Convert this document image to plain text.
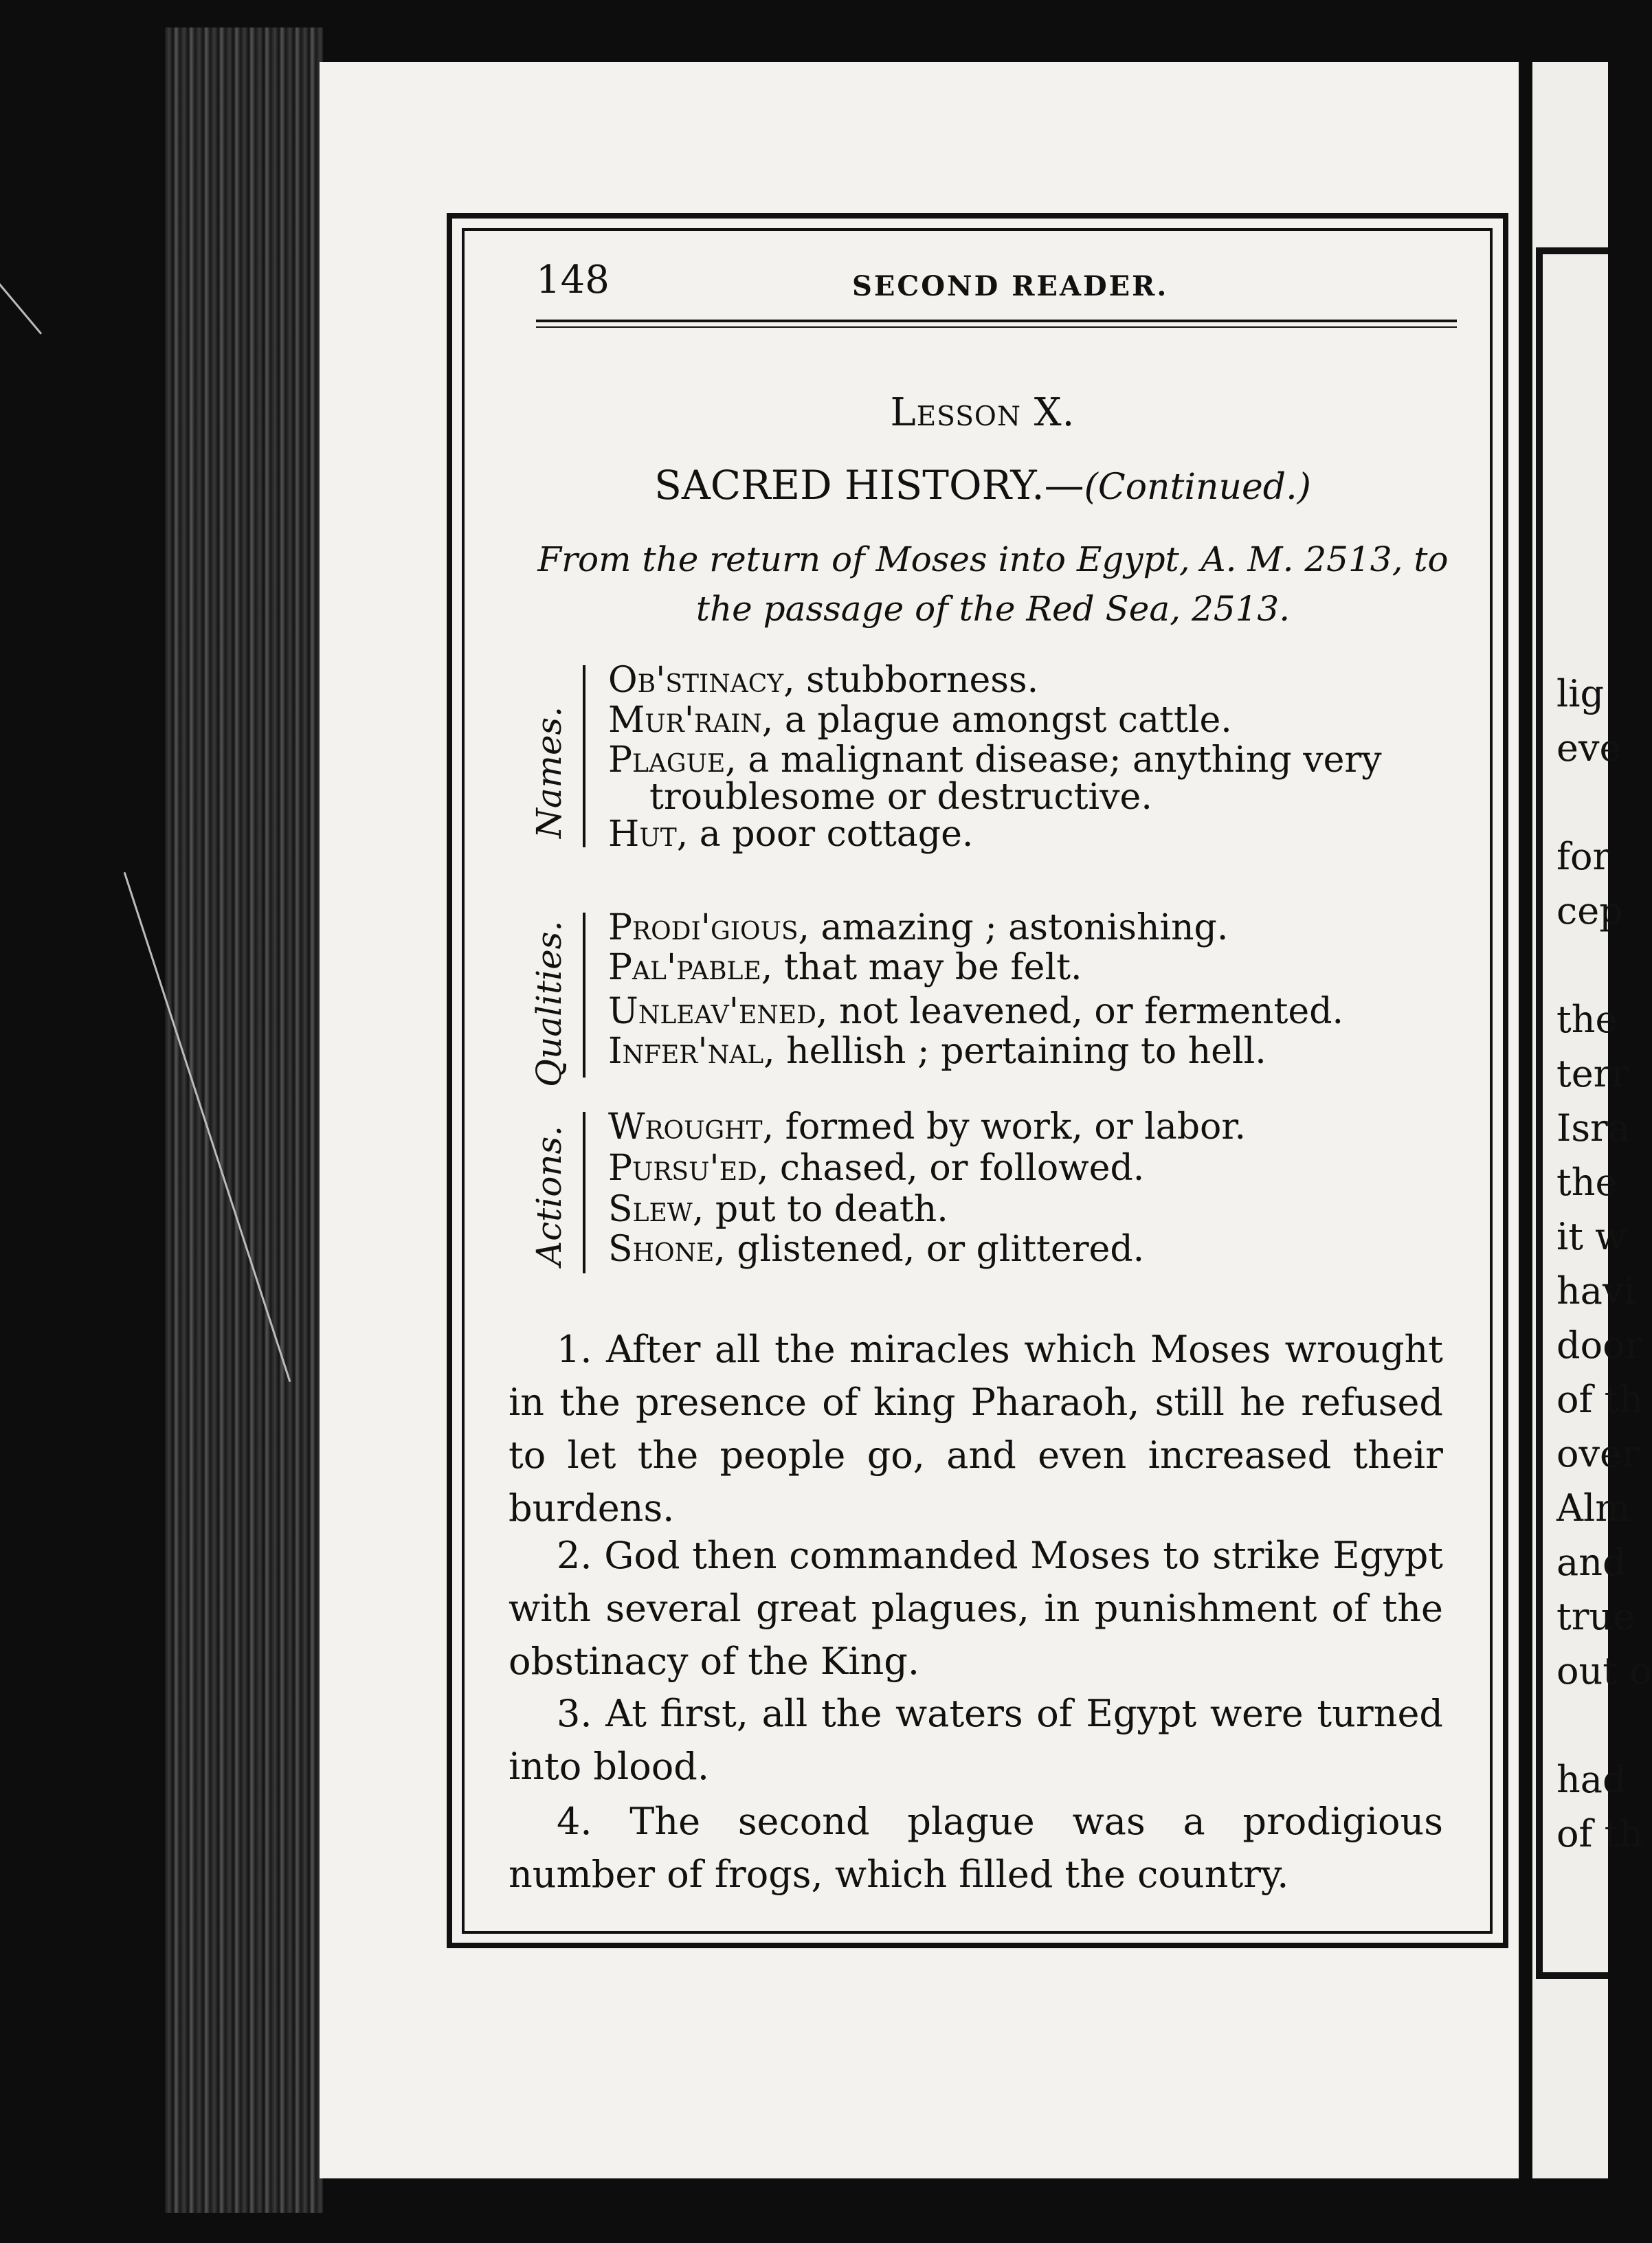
lig
eve
for
cep
the
terr
Isra
the
it w
havi
door
of th
over
Alm
and
true
out o
had
of th
148	SECOND READER.
Lesson X.
SACRED HISTORY.—(Continued.)
From the return of Moses into Egypt, A. M. 2513, to
the passage of the Red Sea, 2513.
Names.
Ob'stinacy, stubborness.
Mur'rain, a plague amongst cattle.
Plague, a malignant disease; anything very
troublesome or destructive.
Hut, a poor cottage.
Qualities. Prodi'gious, amazing ; astonishing.
Pal'pable, that may be felt.
Unleav'ened, not leavened, or fermented.
Infer'nal, hellish ; pertaining to hell.
Actions. Wrought, formed by work, or labor.
Pursu'ed, chased, or followed.
Slew, put to death.
Shone, glistened, or glittered.
1. After all the miracles which Moses wrought in the presence of king Pharaoh, still he refused to let the people go, and even increased their burdens.
2. God then commanded Moses to strike Egypt with several great plagues, in punishment of the obstinacy of the King.
3. At first, all the waters of Egypt were turned into blood.
4. The second plague was a prodigious number of frogs, which filled the country.
